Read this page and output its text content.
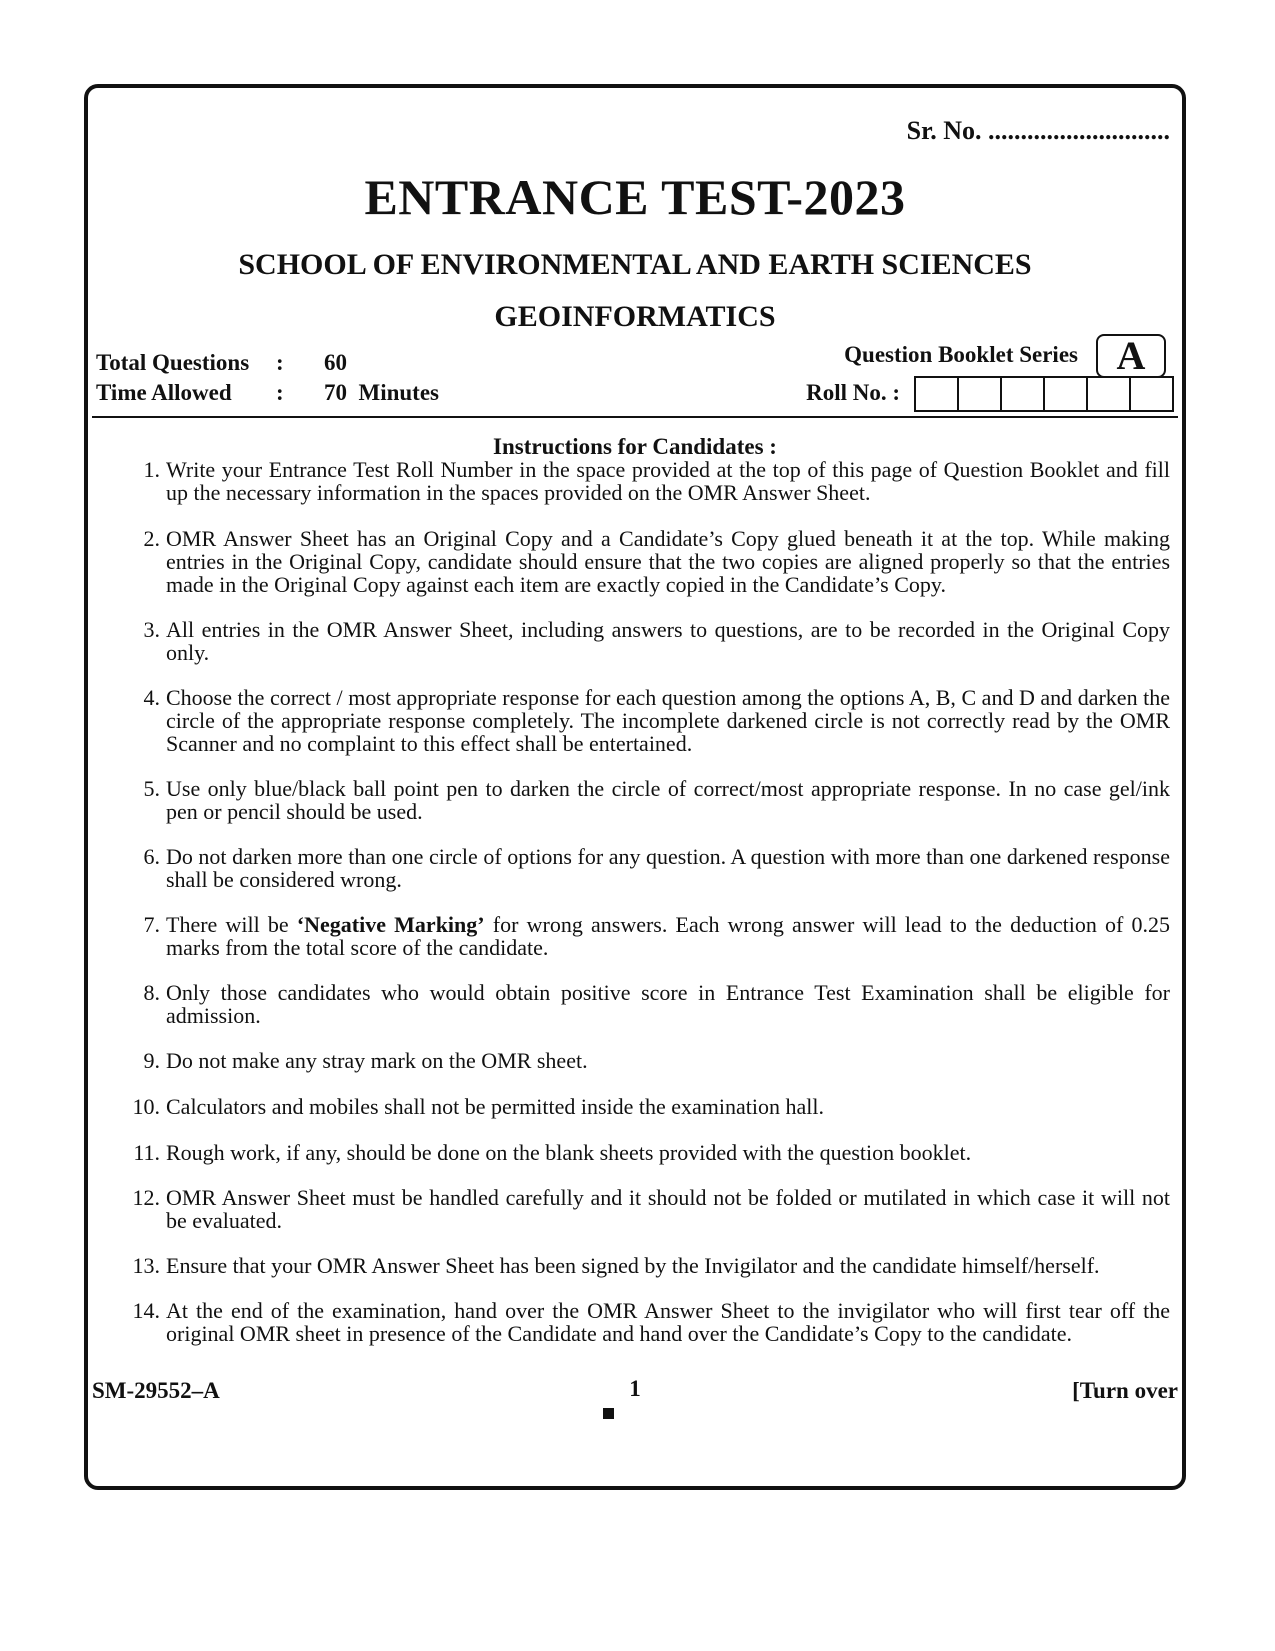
Sr. No. ............................
ENTRANCE TEST-2023
SCHOOL OF ENVIRONMENTAL AND EARTH SCIENCES
GEOINFORMATICS
Total Questions : 60
Time Allowed : 70  Minutes
Question Booklet Series A
Roll No. :
Instructions for Candidates :
1. Write your Entrance Test Roll Number in the space provided at the top of this page of Question Booklet and fill up the necessary information in the spaces provided on the OMR Answer Sheet.
2. OMR Answer Sheet has an Original Copy and a Candidate’s Copy glued beneath it at the top. While making entries in the Original Copy, candidate should ensure that the two copies are aligned properly so that the entries made in the Original Copy against each item are exactly copied in the Candidate’s Copy.
3. All entries in the OMR Answer Sheet, including answers to questions, are to be recorded in the Original Copy only.
4. Choose the correct / most appropriate response for each question among the options A, B, C and D and darken the circle of the appropriate response completely. The incomplete darkened circle is not correctly read by the OMR Scanner and no complaint to this effect shall be entertained.
5. Use only blue/black ball point pen to darken the circle of correct/most appropriate response. In no case gel/ink pen or pencil should be used.
6. Do not darken more than one circle of options for any question. A question with more than one darkened response shall be considered wrong.
7. There will be ‘Negative Marking’ for wrong answers. Each wrong answer will lead to the deduction of 0.25 marks from the total score of the candidate.
8. Only those candidates who would obtain positive score in Entrance Test Examination shall be eligible for admission.
9. Do not make any stray mark on the OMR sheet.
10. Calculators and mobiles shall not be permitted inside the examination hall.
11. Rough work, if any, should be done on the blank sheets provided with the question booklet.
12. OMR Answer Sheet must be handled carefully and it should not be folded or mutilated in which case it will not be evaluated.
13. Ensure that your OMR Answer Sheet has been signed by the Invigilator and the candidate himself/herself.
14. At the end of the examination, hand over the OMR Answer Sheet to the invigilator who will first tear off the original OMR sheet in presence of the Candidate and hand over the Candidate’s Copy to the candidate.
SM-29552–A	1	[Turn over
